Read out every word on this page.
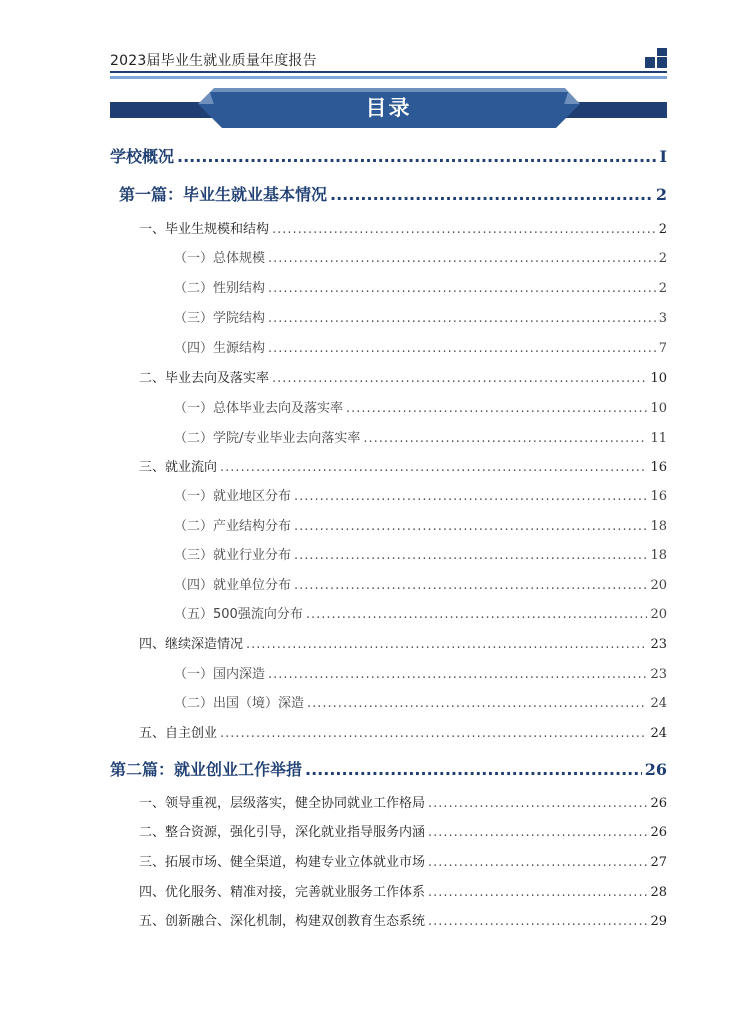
2023届毕业生就业质量年度报告
目录
学校概况 .....	I
第一篇：毕业生就业基本情况 .....	2
一、毕业生规模和结构 .....	2
（一）总体规模 .....	2
（二）性别结构 .....	2
（三）学院结构 .....	3
（四）生源结构 .....	7
二、毕业去向及落实率 .....	10
（一）总体毕业去向及落实率 .....	10
（二）学院/专业毕业去向落实率 .....	11
三、就业流向 .....	16
（一）就业地区分布 .....	16
（二）产业结构分布 .....	18
（三）就业行业分布 .....	18
（四）就业单位分布 .....	20
（五）500强流向分布 .....	20
四、继续深造情况 .....	23
（一）国内深造 .....	23
（二）出国（境）深造 .....	24
五、自主创业 .....	24
第二篇：就业创业工作举措 .....	26
一、领导重视，层级落实，健全协同就业工作格局 .....	26
二、整合资源，强化引导，深化就业指导服务内涵 .....	26
三、拓展市场、健全渠道，构建专业立体就业市场 .....	27
四、优化服务、精准对接，完善就业服务工作体系 .....	28
五、创新融合、深化机制，构建双创教育生态系统 .....	29
